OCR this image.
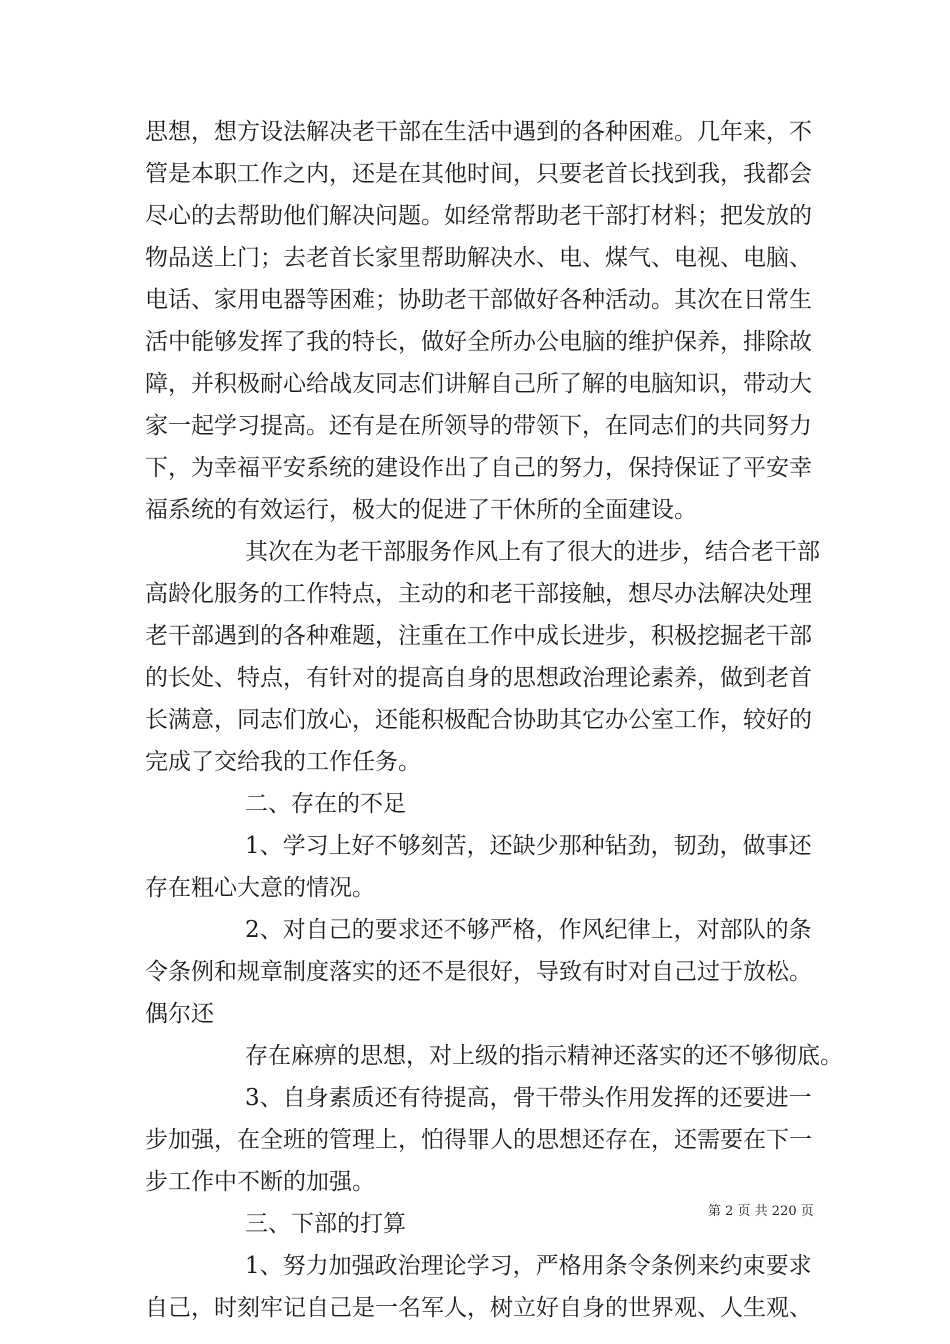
思想，想方设法解决老干部在生活中遇到的各种困难。几年来，不
管是本职工作之内，还是在其他时间，只要老首长找到我，我都会
尽心的去帮助他们解决问题。如经常帮助老干部打材料；把发放的
物品送上门；去老首长家里帮助解决水、电、煤气、电视、电脑、
电话、家用电器等困难；协助老干部做好各种活动。其次在日常生
活中能够发挥了我的特长，做好全所办公电脑的维护保养，排除故
障，并积极耐心给战友同志们讲解自己所了解的电脑知识，带动大
家一起学习提高。还有是在所领导的带领下，在同志们的共同努力
下，为幸福平安系统的建设作出了自己的努力，保持保证了平安幸
福系统的有效运行，极大的促进了干休所的全面建设。
其次在为老干部服务作风上有了很大的进步，结合老干部
高龄化服务的工作特点，主动的和老干部接触，想尽办法解决处理
老干部遇到的各种难题，注重在工作中成长进步，积极挖掘老干部
的长处、特点，有针对的提高自身的思想政治理论素养，做到老首
长满意，同志们放心，还能积极配合协助其它办公室工作，较好的
完成了交给我的工作任务。
二、存在的不足
1、学习上好不够刻苦，还缺少那种钻劲，韧劲，做事还
存在粗心大意的情况。
2、对自己的要求还不够严格，作风纪律上，对部队的条
令条例和规章制度落实的还不是很好，导致有时对自己过于放松。
偶尔还
存在麻痹的思想，对上级的指示精神还落实的还不够彻底。
3、自身素质还有待提高，骨干带头作用发挥的还要进一
步加强，在全班的管理上，怕得罪人的思想还存在，还需要在下一
步工作中不断的加强。
三、下部的打算
1、努力加强政治理论学习，严格用条令条例来约束要求
自己，时刻牢记自己是一名军人，树立好自身的世界观、人生观、
第 2 页 共 220 页
